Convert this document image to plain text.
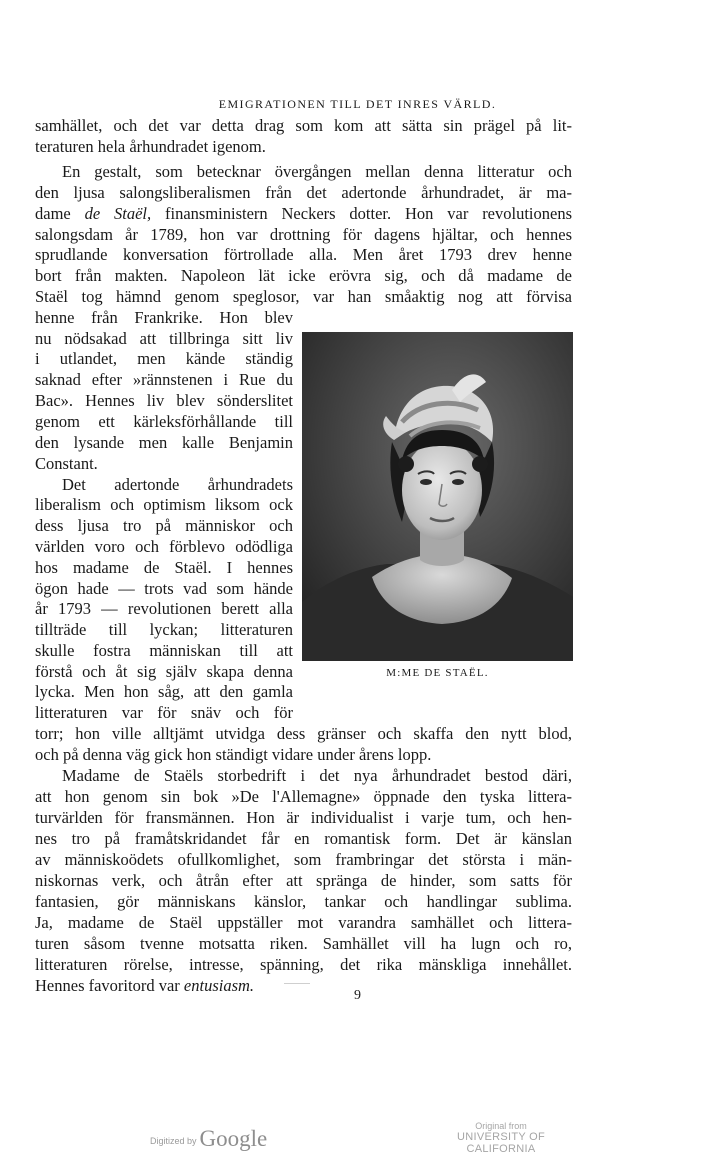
EMIGRATIONEN TILL DET INRES VÄRLD.
samhället, och det var detta drag som kom att sätta sin prägel på lit-
teraturen hela århundradet igenom.
En gestalt, som betecknar övergången mellan denna litteratur och
den ljusa salongsliberalismen från det adertonde århundradet, är ma-
dame de Staël, finansministern Neckers dotter. Hon var revolutionens
salongsdam år 1789, hon var drottning för dagens hjältar, och hennes
sprudlande konversation förtrollade alla. Men året 1793 drev henne
bort från makten. Napoleon lät icke erövra sig, och då madame de
Staël tog hämnd genom speglosor, var han småaktig nog att förvisa
henne från Frankrike. Hon blev
nu nödsakad att tillbringa sitt liv
i utlandet, men kände ständig
saknad efter »rännstenen i Rue du
Bac». Hennes liv blev sönderslitet
genom ett kärleksförhållande till
den lysande men kalle Benjamin
Constant.
Det adertonde århundradets
liberalism och optimism liksom ock
dess ljusa tro på människor och
världen voro och förblevo odödliga
hos madame de Staël. I hennes
ögon hade — trots vad som hände
år 1793 — revolutionen berett alla
tillträde till lyckan; litteraturen
skulle fostra människan till att
förstå och åt sig själv skapa denna
lycka. Men hon såg, att den gamla
litteraturen var för snäv och för
torr; hon ville alltjämt utvidga dess gränser och skaffa den nytt blod,
och på denna väg gick hon ständigt vidare under årens lopp.
Madame de Staëls storbedrift i det nya århundradet bestod däri,
att hon genom sin bok »De l'Allemagne» öppnade den tyska littera-
turvärlden för fransmännen. Hon är individualist i varje tum, och hen-
nes tro på framåtskridandet får en romantisk form. Det är känslan
av människoödets ofullkomlighet, som frambringar det största i män-
niskornas verk, och åtrån efter att spränga de hinder, som satts för
fantasien, gör människans känslor, tankar och handlingar sublima.
Ja, madame de Staël uppställer mot varandra samhället och littera-
turen såsom tvenne motsatta riken. Samhället vill ha lugn och ro,
litteraturen rörelse, intresse, spänning, det rika mänskliga innehållet.
Hennes favoritord var entusiasm.
M:ME DE STAËL.
9
Digitized by Google	Original from
UNIVERSITY OF CALIFORNIA
